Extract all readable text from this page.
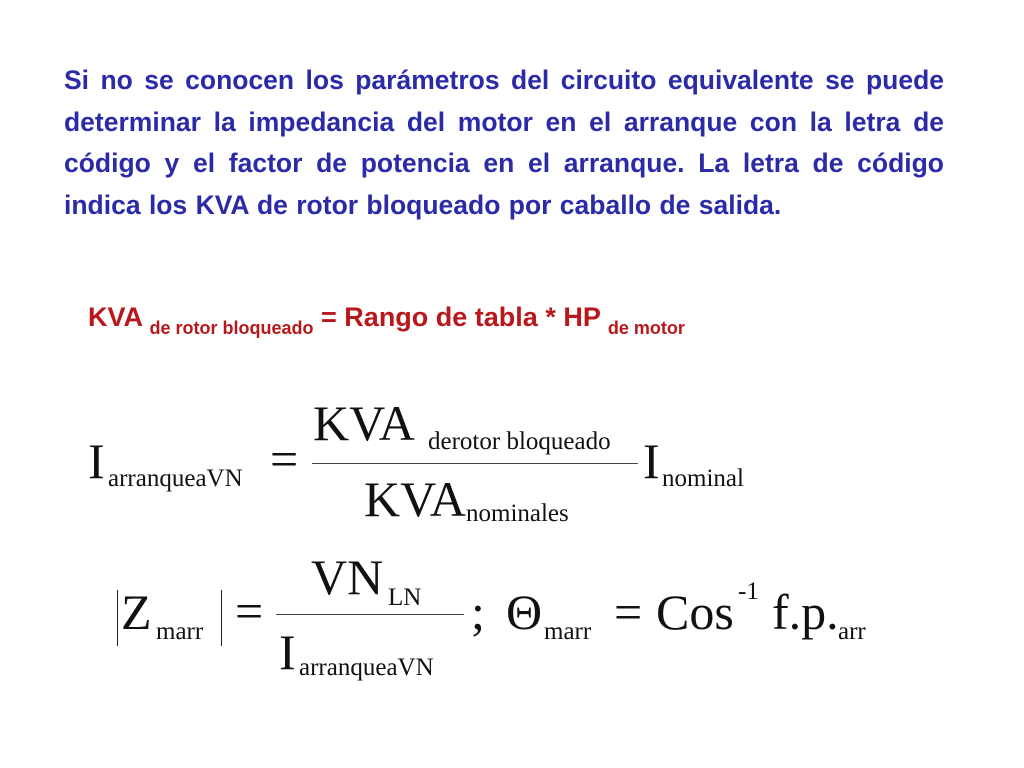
Si no se conocen los parámetros del circuito equivalente se puede determinar la impedancia del motor en el arranque con la letra de código y el factor de potencia en el arranque. La letra de código indica los KVA de rotor bloqueado por caballo de salida.
KVA $_{de rotor bloqueado}$ = Rango de tabla * HP $_{de motor}$
I arranqueaVN =
KVA derotor bloqueado
KVA nominales
I nominal
Z marr =
VN LN
I arranqueaVN
; Θ marr = Cos -1 f.p. arr
